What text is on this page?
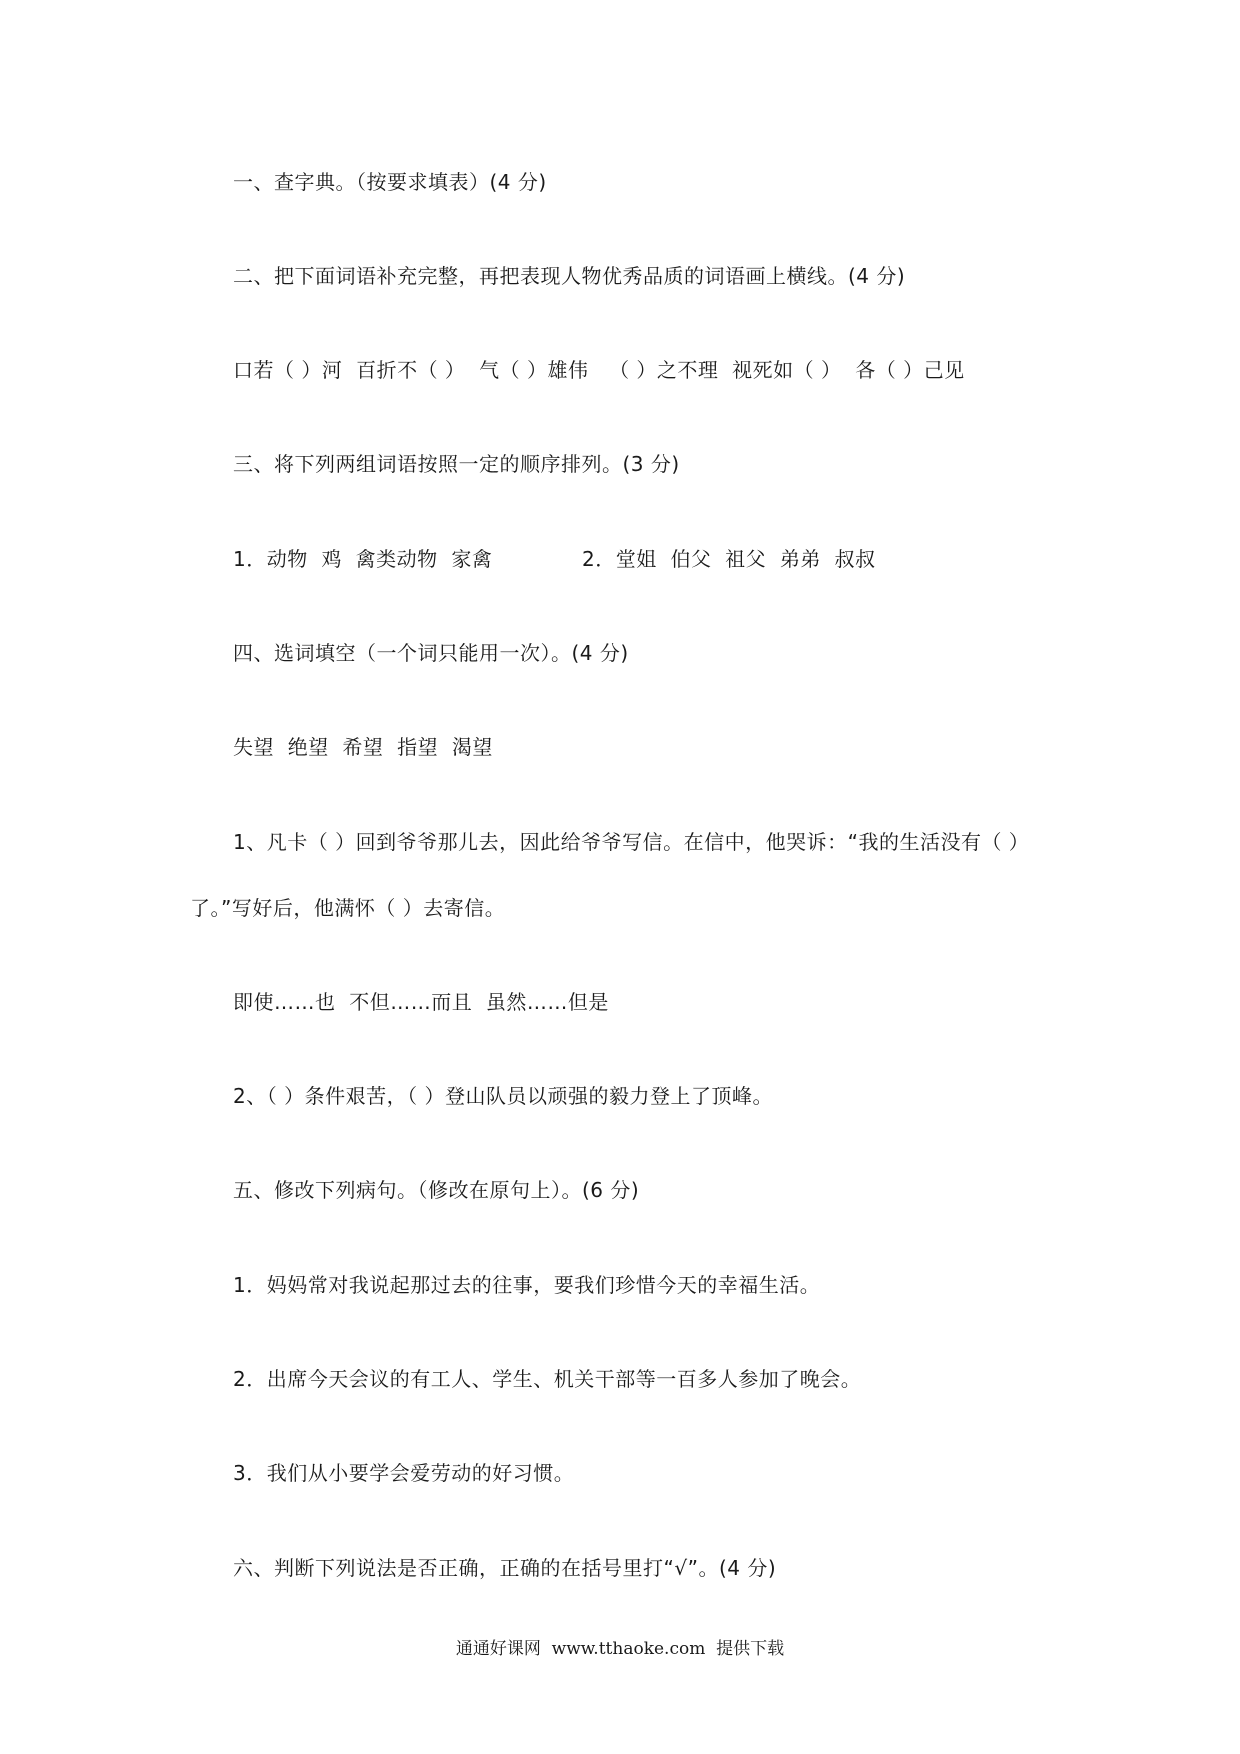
一、查字典。（按要求填表）(4 分)
二、把下面词语补充完整，再把表现人物优秀品质的词语画上横线。(4 分)
口若（ ）河  百折不（ ）  气（ ）雄伟   （ ）之不理  视死如（ ）  各（ ）己见
三、将下列两组词语按照一定的顺序排列。(3 分)
1．动物  鸡  禽类动物  家禽	2．堂姐  伯父  祖父  弟弟  叔叔
四、选词填空（一个词只能用一次）。(4 分)
失望  绝望  希望  指望  渴望
1、凡卡（ ）回到爷爷那儿去，因此给爷爷写信。在信中，他哭诉：“我的生活没有（ ）
了。”写好后，他满怀（ ）去寄信。
即使……也  不但……而且  虽然……但是
2、（ ）条件艰苦，（ ）登山队员以顽强的毅力登上了顶峰。
五、修改下列病句。（修改在原句上）。(6 分)
1．妈妈常对我说起那过去的往事，要我们珍惜今天的幸福生活。
2．出席今天会议的有工人、学生、机关干部等一百多人参加了晚会。
3．我们从小要学会爱劳动的好习惯。
六、判断下列说法是否正确，正确的在括号里打“√”。(4 分)
通通好课网  www.tthaoke.com  提供下载
